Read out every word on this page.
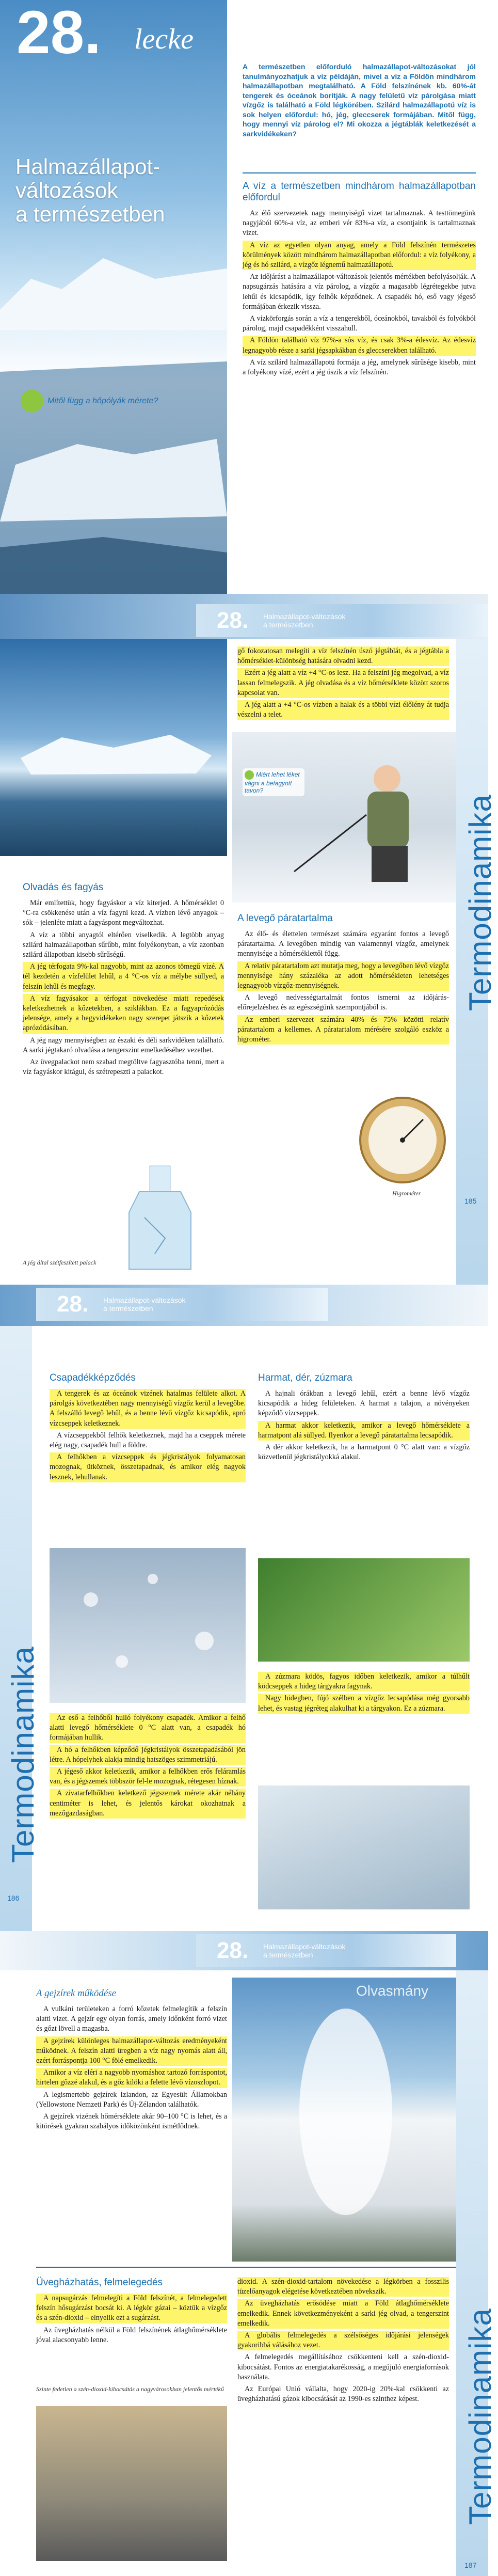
28. lecke
Halmazállapot-
változások
a természetben
Mitől függ a hőpólyák mérete?

A természetben előforduló halmazállapot-változásokat jól tanulmányozhatjuk a víz példáján, mivel a víz a Földön mindhárom halmazállapotban megtalálható. A Föld felszínének kb. 60%-át tengerek és óceánok borítják. A nagy felületű víz párolgása miatt vízgőz is található a Föld légkörében. Szilárd halmazállapotú víz is sok helyen előfordul: hó, jég, gleccserek formájában. Mitől függ, hogy mennyi víz párolog el? Mi okozza a jégtáblák keletkezését a sarkvidékeken?

A víz a természetben mindhárom halmazállapotban előfordul

Az élő szervezetek nagy mennyiségű vizet tartalmaznak. A testtömegünk nagyjából 60%-a víz, az emberi vér 83%-a víz, a csontjaink is tartalmaznak vizet.

A víz az egyetlen olyan anyag, amely a Föld felszínén természetes körülmények között mindhárom halmazállapotban előfordul: a víz folyékony, a jég és hó szilárd, a vízgőz légnemű halmazállapotú.

Az időjárást a halmazállapot-változások jelentős mértékben befolyásolják. A napsugárzás hatására a víz párolog, a vízgőz a magasabb légrétegekbe jutva lehűl és kicsapódik, így felhők képződnek. A csapadék hó, eső vagy jégeső formájában érkezik vissza.

A vízkörforgás során a víz a tengerekből, óceánokból, tavakból és folyókból párolog, majd csapadékként visszahull.

A Földön található víz 97%-a sós víz, és csak 3%-a édesvíz. Az édesvíz legnagyobb része a sarki jégsapkákban és gleccserekben található.

A víz szilárd halmazállapotú formája a jég, amelynek sűrűsége kisebb, mint a folyékony vízé, ezért a jég úszik a víz felszínén.

28. Halmazállapot-változások
a természetben
Termodinamika

gő fokozatosan melegíti a víz felszínén úszó jégtáblát, és a jégtábla a hőmérséklet-különbség hatására olvadni kezd.

Ezért a jég alatt a víz +4 °C-os lesz. Ha a felszíni jég megolvad, a víz lassan felmelegszik. A jég olvadása és a víz hőmérséklete között szoros kapcsolat van.

A jég alatt a +4 °C-os vízben a halak és a többi vízi élőlény át tudja vészelni a telet.

Miért lehet léket vágni a befagyott tavon?
Olvadás és fagyás

Már említettük, hogy fagyáskor a víz kiterjed. A hőmérséklet 0 °C-ra csökkenése után a víz fagyni kezd. A vízben lévő anyagok – sók – jelenléte miatt a fagyáspont megváltozhat.

A víz a többi anyagtól eltérően viselkedik. A legtöbb anyag szilárd halmazállapotban sűrűbb, mint folyékonyban, a víz azonban szilárd állapotban kisebb sűrűségű.

A jég térfogata 9%-kal nagyobb, mint az azonos tömegű vízé. A tél kezdetén a vízfelület lehűl, a 4 °C-os víz a mélybe süllyed, a felszín lehűl és megfagy.

A víz fagyásakor a térfogat növekedése miatt repedések keletkezhetnek a kőzetekben, a sziklákban. Ez a fagyaprózódás jelensége, amely a hegyvidékeken nagy szerepet játszik a kőzetek aprózódásában.

A jég nagy mennyiségben az északi és déli sarkvidéken található. A sarki jégtakaró olvadása a tengerszint emelkedéséhez vezethet.

Az üvegpalackot nem szabad megtöltve fagyasztóba tenni, mert a víz fagyáskor kitágul, és szétrepeszti a palackot.

A jég által szétfeszített palack
A levegő páratartalma

Az élő- és élettelen természet számára egyaránt fontos a levegő páratartalma. A levegőben mindig van valamennyi vízgőz, amelynek mennyisége a hőmérséklettől függ.

A relatív páratartalom azt mutatja meg, hogy a levegőben lévő vízgőz mennyisége hány százaléka az adott hőmérsékleten lehetséges legnagyobb vízgőz-mennyiségnek.

A levegő nedvességtartalmát fontos ismerni az időjárás-előrejelzéshez és az egészségünk szempontjából is.

Az emberi szervezet számára 40% és 75% közötti relatív páratartalom a kellemes. A páratartalom mérésére szolgáló eszköz a higrométer.

Higrométer
185
Termodinamika
186
28. Halmazállapot-változások
a természetben
Csapadékképződés

A tengerek és az óceánok vizének hatalmas felülete alkot. A párolgás következtében nagy mennyiségű vízgőz kerül a levegőbe. A felszálló levegő lehűl, és a benne lévő vízgőz kicsapódik, apró vízcseppek keletkeznek.

A vízcseppekből felhők keletkeznek, majd ha a cseppek mérete elég nagy, csapadék hull a földre.

A felhőkben a vízcseppek és jégkristályok folyamatosan mozognak, ütköznek, összetapadnak, és amikor elég nagyok lesznek, lehullanak.

Az eső a felhőből hulló folyékony csapadék. Amikor a felhő alatti levegő hőmérséklete 0 °C alatt van, a csapadék hó formájában hullik.

A hó a felhőkben képződő jégkristályok összetapadásából jön létre. A hópelyhek alakja mindig hatszöges szimmetriájú.

A jégeső akkor keletkezik, amikor a felhőkben erős feláramlás van, és a jégszemek többször fel-le mozognak, rétegesen híznak.

A zivatarfelhőkben keletkező jégszemek mérete akár néhány centiméter is lehet, és jelentős károkat okozhatnak a mezőgazdaságban.

Harmat, dér, zúzmara

A hajnali órákban a levegő lehűl, ezért a benne lévő vízgőz kicsapódik a hideg felületeken. A harmat a talajon, a növényeken képződő vízcseppek.

A harmat akkor keletkezik, amikor a levegő hőmérséklete a harmatpont alá süllyed. Ilyenkor a levegő páratartalma lecsapódik.

A dér akkor keletkezik, ha a harmatpont 0 °C alatt van: a vízgőz közvetlenül jégkristályokká alakul.

A zúzmara ködös, fagyos időben keletkezik, amikor a túlhűlt ködcseppek a hideg tárgyakra fagynak.

Nagy hidegben, fújó szélben a vízgőz lecsapódása még gyorsabb lehet, és vastag jégréteg alakulhat ki a tárgyakon. Ez a zúzmara.

Termodinamika
187
28. Halmazállapot-változások
a természetben
Olvasmány
A gejzírek működése

A vulkáni területeken a forró kőzetek felmelegítik a felszín alatti vizet. A gejzír egy olyan forrás, amely időnként forró vizet és gőzt lövell a magasba.

A gejzírek különleges halmazállapot-változás eredményeként működnek. A felszín alatti üregben a víz nagy nyomás alatt áll, ezért forráspontja 100 °C fölé emelkedik.

Amikor a víz eléri a nagyobb nyomáshoz tartozó forráspontot, hirtelen gőzzé alakul, és a gőz kilöki a felette lévő vízoszlopot.

A legismertebb gejzírek Izlandon, az Egyesült Államokban (Yellowstone Nemzeti Park) és Új-Zélandon találhatók.

A gejzírek vizének hőmérséklete akár 90–100 °C is lehet, és a kitörések gyakran szabályos időközönként ismétlődnek.

Üvegházhatás, felmelegedés

A napsugárzás felmelegíti a Föld felszínét, a felmelegedett felszín hősugárzást bocsát ki. A légkör gázai – köztük a vízgőz és a szén-dioxid – elnyelik ezt a sugárzást.

Az üvegházhatás nélkül a Föld felszínének átlaghőmérséklete jóval alacsonyabb lenne.

Szinte fedetlen a szén-dioxid-kibocsátás a nagyvárosokban jelentős mértékű

dioxid. A szén-dioxid-tartalom növekedése a légkörben a fosszilis tüzelőanyagok elégetése következtében növekszik.

Az üvegházhatás erősödése miatt a Föld átlaghőmérséklete emelkedik. Ennek következményeként a sarki jég olvad, a tengerszint emelkedik.

A globális felmelegedés a szélsőséges időjárási jelenségek gyakoribbá válásához vezet.

A felmelegedés megállításához csökkenteni kell a szén-dioxid-kibocsátást. Fontos az energiatakarékosság, a megújuló energiaforrások használata.

Az Európai Unió vállalta, hogy 2020-ig 20%-kal csökkenti az üvegházhatású gázok kibocsátását az 1990-es szinthez képest.
